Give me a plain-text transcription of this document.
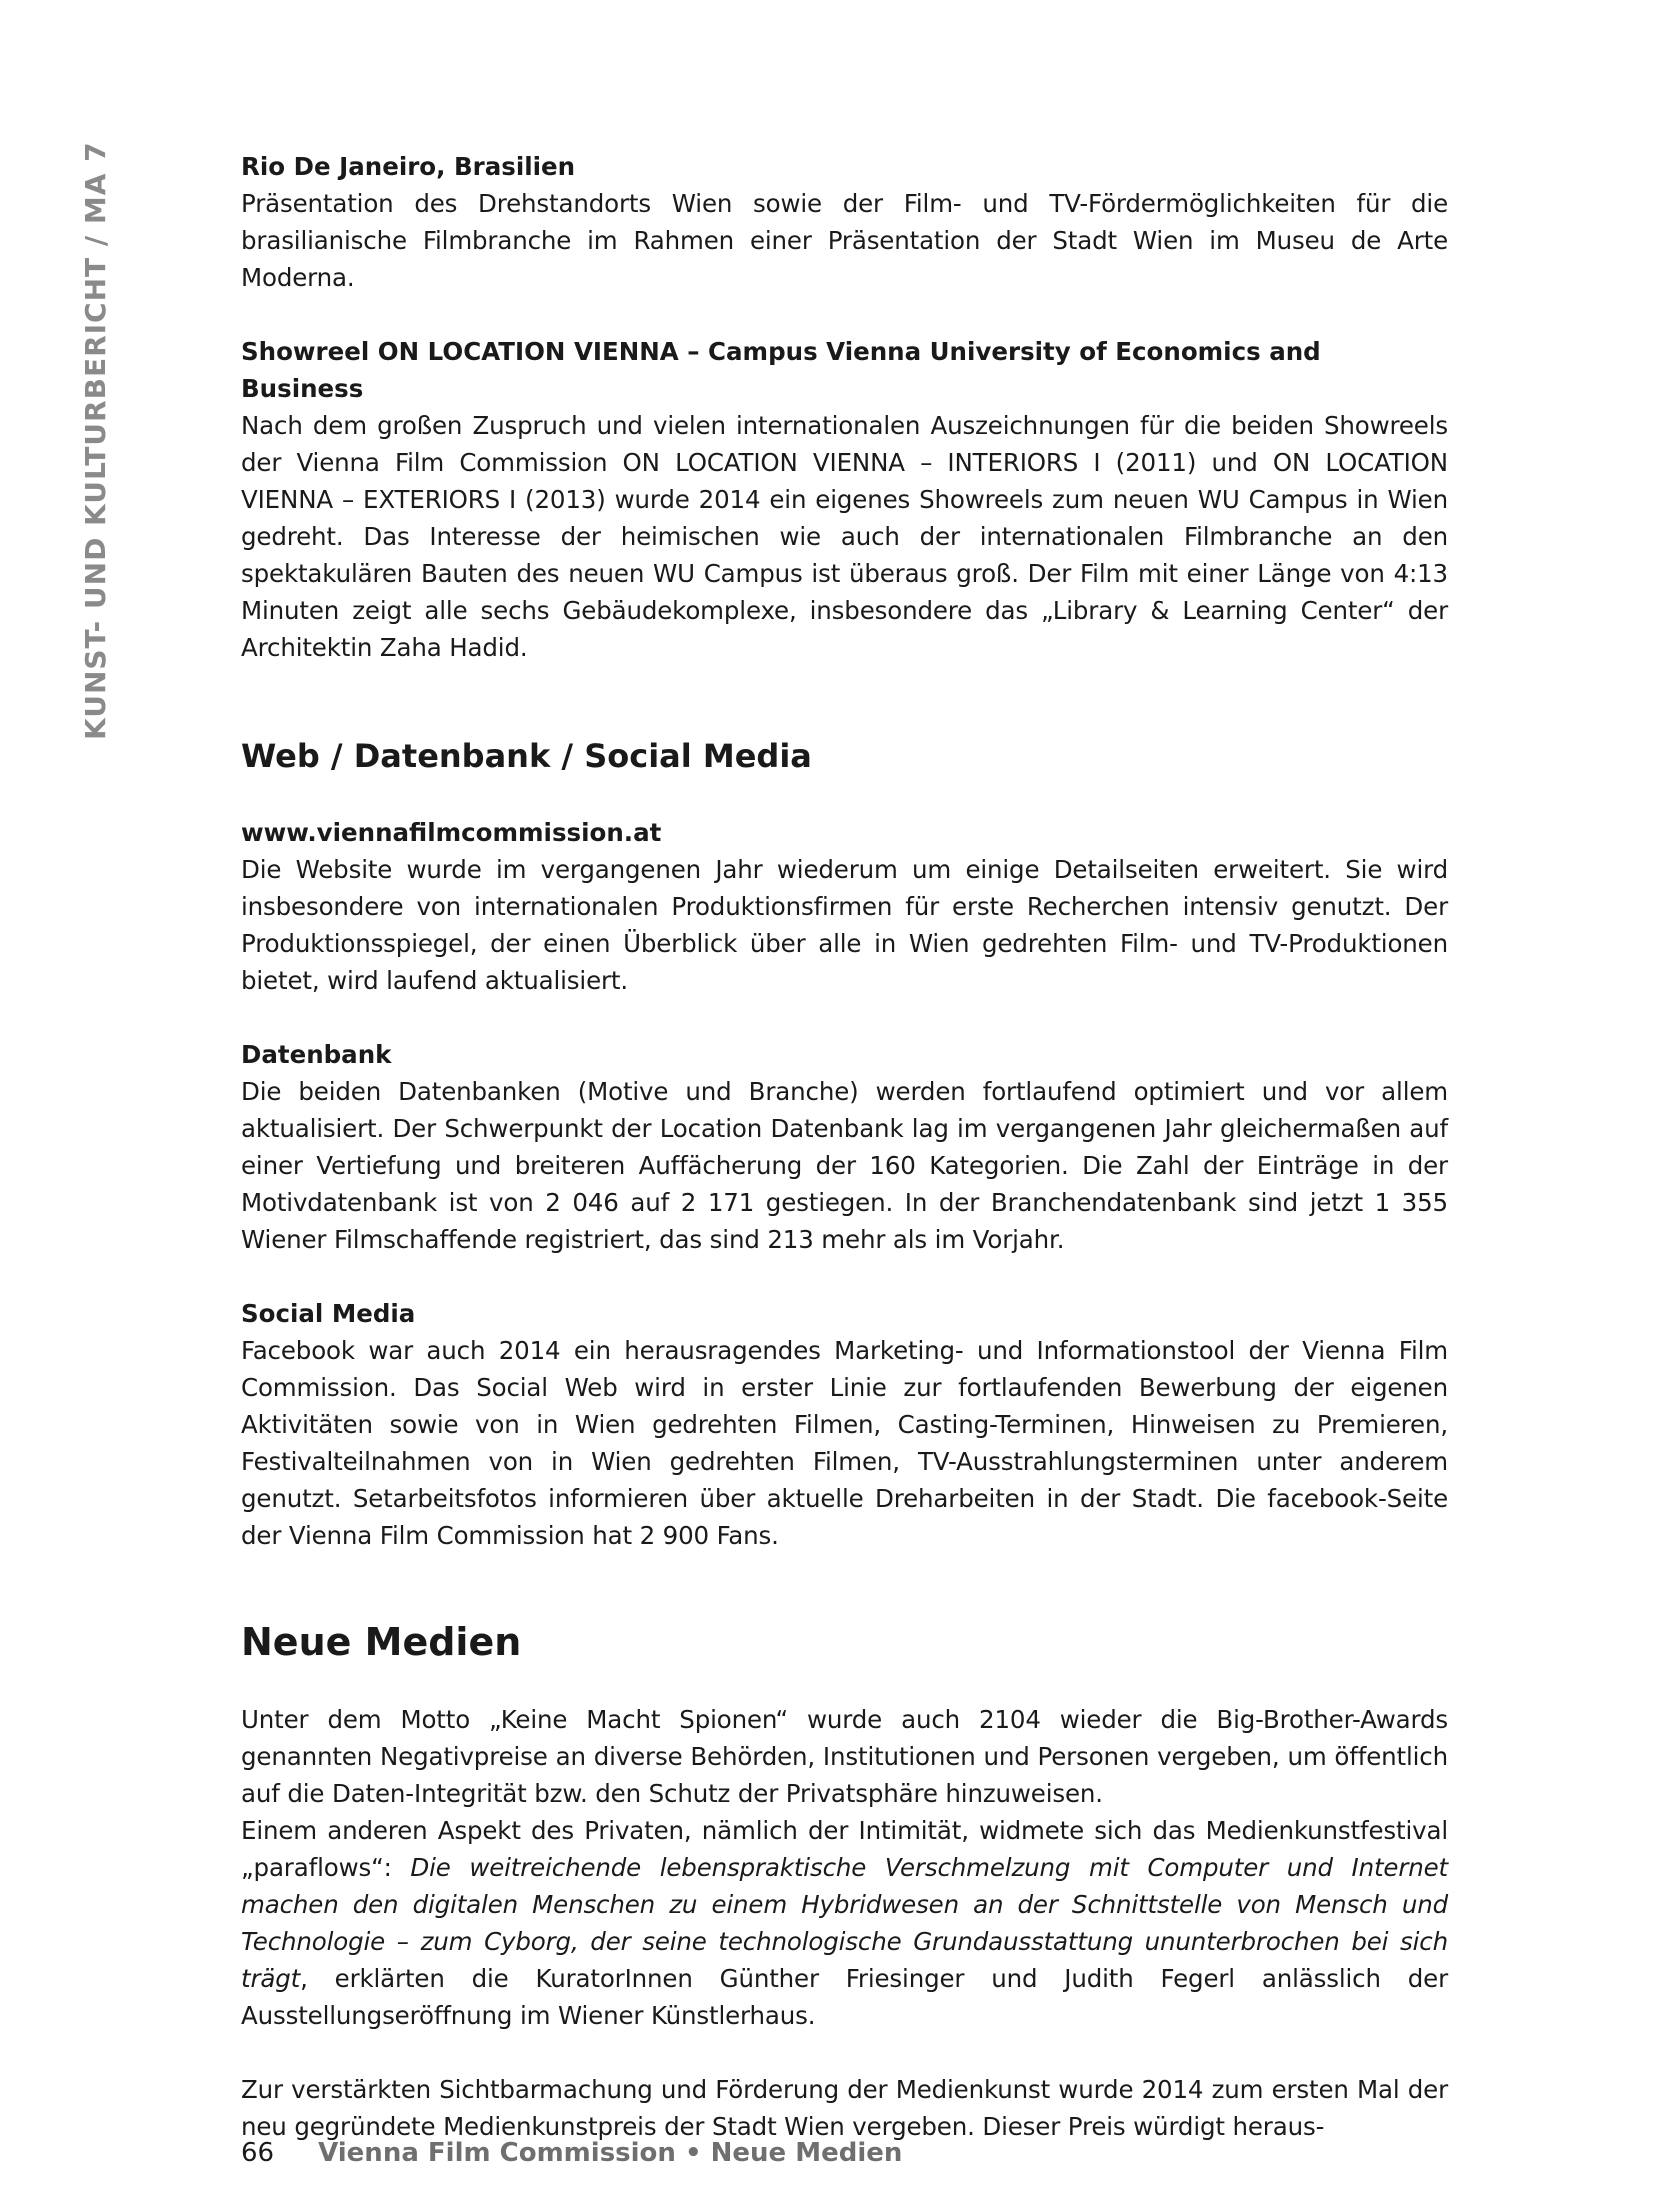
KUNST- UND KULTURBERICHT / MA 7	Rio De Janeiro, Brasilien

Präsentation des Drehstandorts Wien sowie der Film- und TV-Fördermöglichkeiten für die brasilianische Filmbranche im Rahmen einer Präsentation der Stadt Wien im Museu de Arte Moderna.

Showreel ON LOCATION VIENNA – Campus Vienna University of Economics and Business

Nach dem großen Zuspruch und vielen internationalen Auszeichnungen für die beiden Showreels der Vienna Film Commission ON LOCATION VIENNA – INTERIORS I (2011) und ON LOCATION VIENNA – EXTERIORS I (2013) wurde 2014 ein eigenes Showreels zum neuen WU Campus in Wien gedreht. Das Interesse der heimischen wie auch der internationalen Filmbranche an den spektakulären Bauten des neuen WU Campus ist überaus groß. Der Film mit einer Länge von 4:13 Minuten zeigt alle sechs Gebäudekomplexe, insbesondere das „Library & Learning Center“ der Architektin Zaha Hadid.

Web / Datenbank / Social Media

www.viennafilmcommission.at

Die Website wurde im vergangenen Jahr wiederum um einige Detailseiten erweitert. Sie wird insbesondere von internationalen Produktionsfirmen für erste Recherchen intensiv genutzt. Der Produktionsspiegel, der einen Überblick über alle in Wien gedrehten Film- und TV-Produktionen bietet, wird laufend aktualisiert.

Datenbank

Die beiden Datenbanken (Motive und Branche) werden fortlaufend optimiert und vor allem aktualisiert. Der Schwerpunkt der Location Datenbank lag im vergangenen Jahr gleichermaßen auf einer Vertiefung und breiteren Auffächerung der 160 Kategorien. Die Zahl der Einträge in der Motivdatenbank ist von 2 046 auf 2 171 gestiegen. In der Branchendatenbank sind jetzt 1 355 Wiener Filmschaffende registriert, das sind 213 mehr als im Vorjahr.

Social Media

Facebook war auch 2014 ein herausragendes Marketing- und Informationstool der Vienna Film Commission. Das Social Web wird in erster Linie zur fortlaufenden Bewerbung der eigenen Aktivitäten sowie von in Wien gedrehten Filmen, Casting-Terminen, Hinweisen zu Premieren, Festivalteilnahmen von in Wien gedrehten Filmen, TV-Ausstrahlungsterminen unter anderem genutzt. Setarbeitsfotos informieren über aktuelle Dreharbeiten in der Stadt. Die facebook-Seite der Vienna Film Commission hat 2 900 Fans.

Neue Medien

Unter dem Motto „Keine Macht Spionen“ wurde auch 2104 wieder die Big-Brother-Awards genannten Negativpreise an diverse Behörden, Institutionen und Personen vergeben, um öffentlich auf die Daten-Integrität bzw. den Schutz der Privatsphäre hinzuweisen.

Einem anderen Aspekt des Privaten, nämlich der Intimität, widmete sich das Medienkunstfestival „paraflows“: Die weitreichende lebenspraktische Verschmelzung mit Computer und Internet machen den digitalen Menschen zu einem Hybridwesen an der Schnittstelle von Mensch und Technologie – zum Cyborg, der seine technologische Grundausstattung ununterbrochen bei sich trägt, erklärten die KuratorInnen Günther Friesinger und Judith Fegerl anlässlich der Ausstellungseröffnung im Wiener Künstlerhaus.

Zur verstärkten Sichtbarmachung und Förderung der Medienkunst wurde 2014 zum ersten Mal der neu gegründete Medienkunstpreis der Stadt Wien vergeben. Dieser Preis würdigt heraus-

66 Vienna Film Commission • Neue Medien
